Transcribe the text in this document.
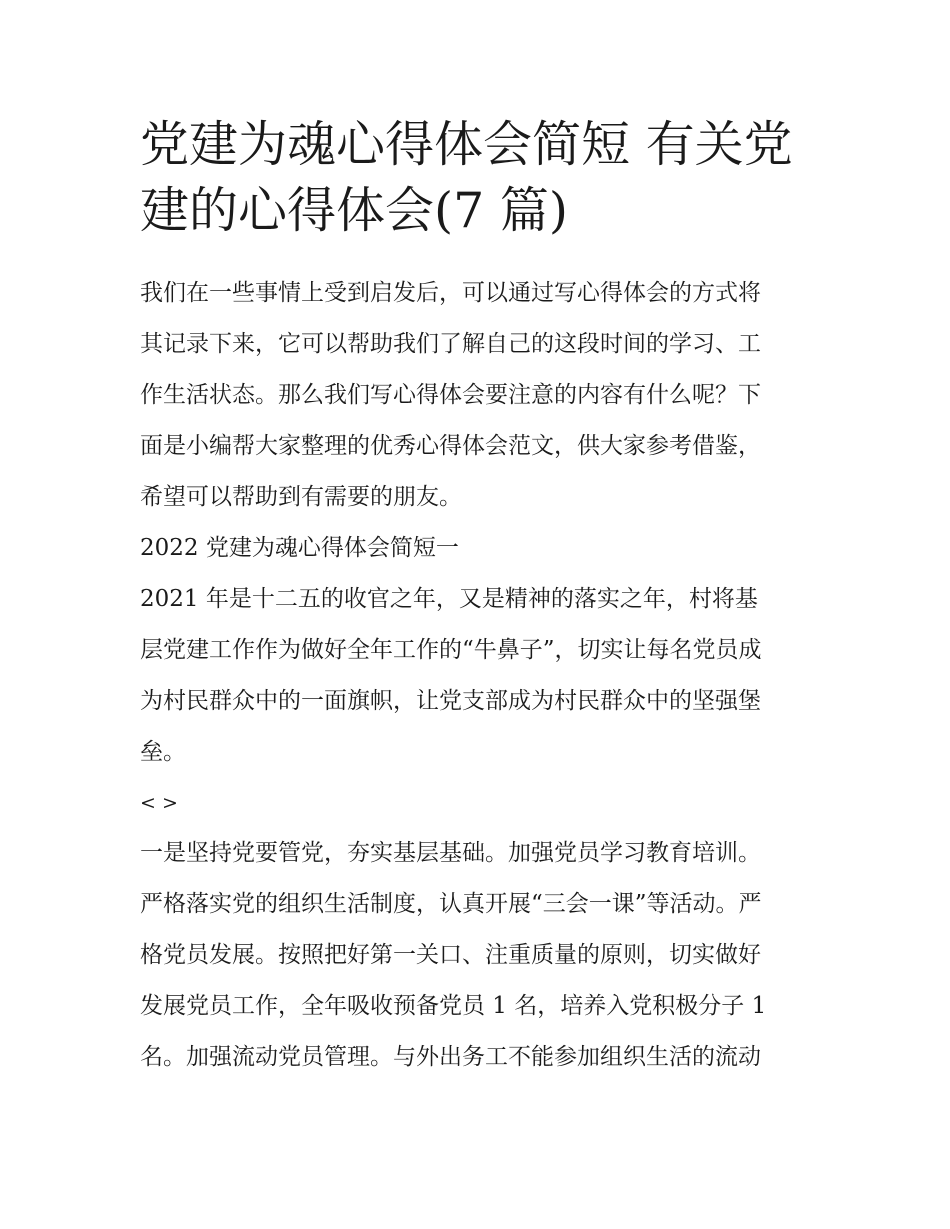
党建为魂心得体会简短 有关党
建的心得体会(7 篇)

我们在一些事情上受到启发后，可以通过写心得体会的方式将
其记录下来，它可以帮助我们了解自己的这段时间的学习、工
作生活状态。那么我们写心得体会要注意的内容有什么呢？下
面是小编帮大家整理的优秀心得体会范文，供大家参考借鉴，
希望可以帮助到有需要的朋友。

2022 党建为魂心得体会简短一

2021 年是十二五的收官之年，又是精神的落实之年，村将基
层党建工作作为做好全年工作的“牛鼻子”，切实让每名党员成
为村民群众中的一面旗帜，让党支部成为村民群众中的坚强堡
垒。

< >

一是坚持党要管党，夯实基层基础。加强党员学习教育培训。
严格落实党的组织生活制度，认真开展“三会一课”等活动。严
格党员发展。按照把好第一关口、注重质量的原则，切实做好
发展党员工作，全年吸收预备党员 1 名，培养入党积极分子 1
名。加强流动党员管理。与外出务工不能参加组织生活的流动
